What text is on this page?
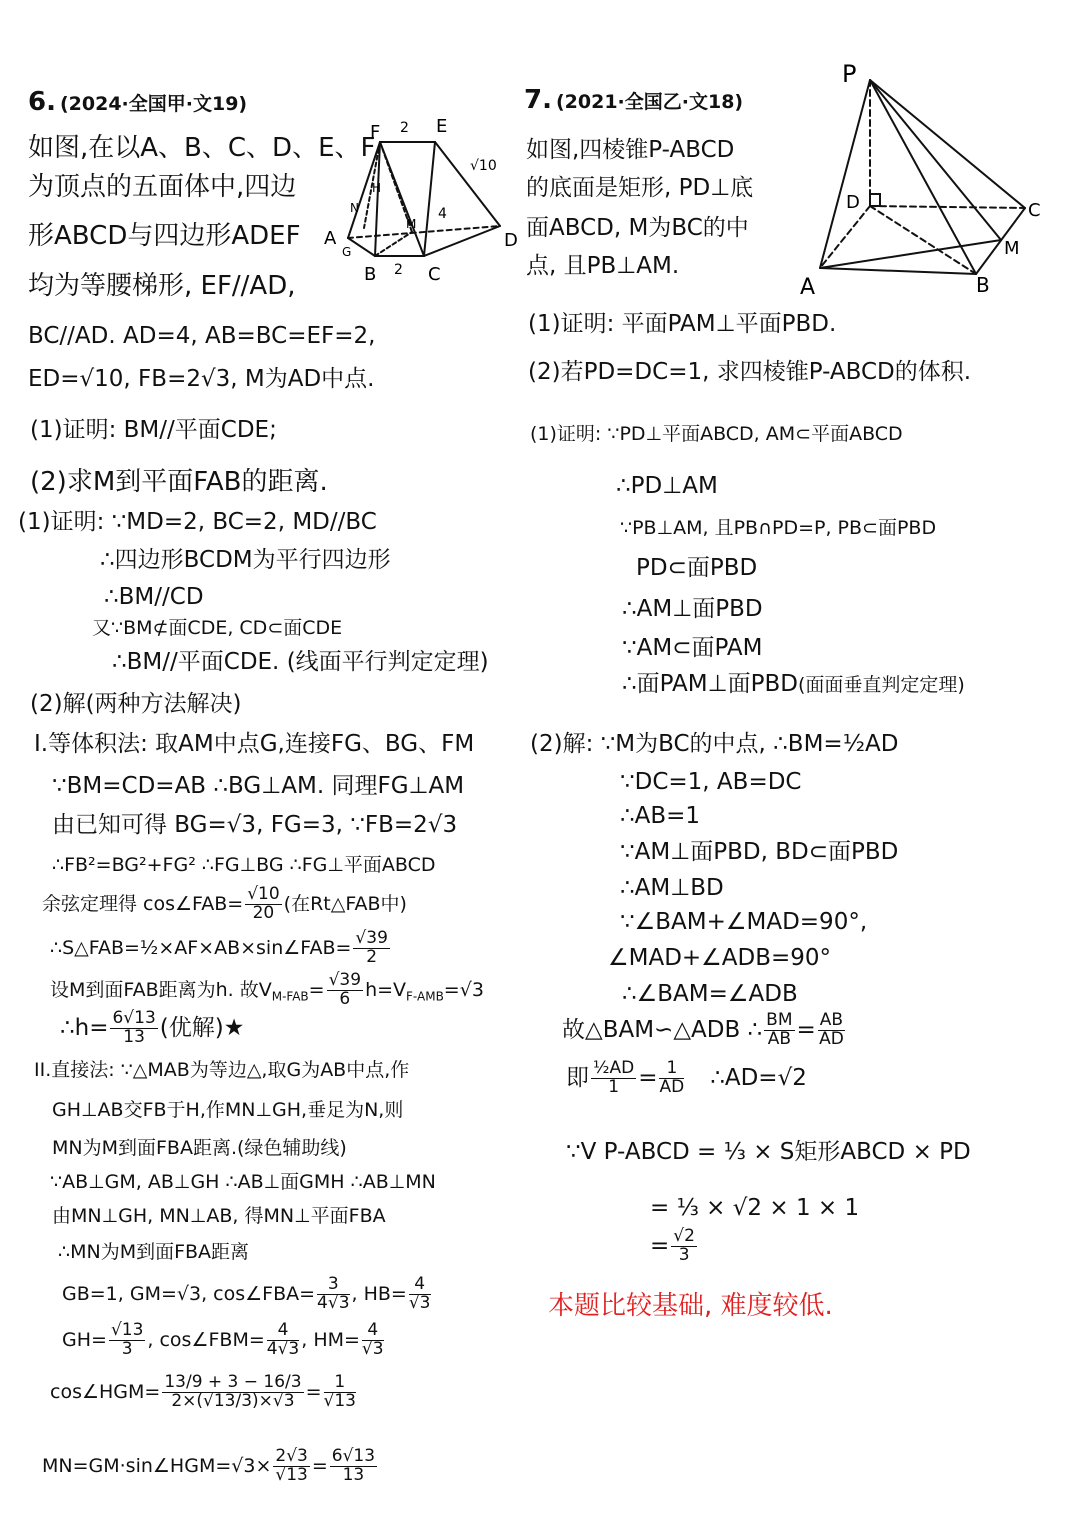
6. (2024·全国甲·文19)
如图,在以A、B、C、D、E、F
为顶点的五面体中,四边
形ABCD与四边形ADEF
均为等腰梯形, EF//AD,
BC//AD. AD=4, AB=BC=EF=2,
ED=√10, FB=2√3, M为AD中点.
(1)证明: BM//平面CDE;
(2)求M到平面FAB的距离.
F	E
A
B	C
D
M
G
N
H
2
2
√10
4
(1)证明: ∵MD=2, BC=2, MD//BC
∴四边形BCDM为平行四边形
∴BM//CD
又∵BM⊄面CDE, CD⊂面CDE
∴BM//平面CDE. (线面平行判定定理)
(2)解(两种方法解决)
I.等体积法: 取AM中点G,连接FG、BG、FM
∵BM=CD=AB ∴BG⊥AM. 同理FG⊥AM
由已知可得 BG=√3, FG=3, ∵FB=2√3
∴FB²=BG²+FG² ∴FG⊥BG ∴FG⊥平面ABCD
余弦定理得 cos∠FAB= $\frac{√10}{20}$ (在Rt△FAB中)
∴S△FAB=½×AF×AB×sin∠FAB= $\frac{√39}{2}$
设M到面FAB距离为h. 故$V_{M-FAB}= \frac{√39}{6} h=V_{F-AMB}=√3$
∴h= $\frac{6√13}{13}$ (优解)★
II.直接法: ∵△MAB为等边△,取G为AB中点,作
GH⊥AB交FB于H,作MN⊥GH,垂足为N,则
MN为M到面FBA距离.(绿色辅助线)
∵AB⊥GM, AB⊥GH ∴AB⊥面GMH ∴AB⊥MN
由MN⊥GH, MN⊥AB, 得MN⊥平面FBA
∴MN为M到面FBA距离
GB=1, GM=√3, cos∠FBA= $\frac{3}{4√3}$ , $HB= \frac{4}{√3}$
$GH= \frac{√13}{3}$ , cos∠FBM= $\frac{4}{4√3}$ , $HM= \frac{4}{√3}$
cos∠HGM= $\frac{13/9 + 3 - 16/3}{2\times(√13/3)\times√3} = \frac{1}{√13}$
MN=GM·sin∠HGM=√3× $\frac{2√3}{√13} = \frac{6√13}{13}$
7. (2021·全国乙·文18)
如图,四棱锥P-ABCD
的底面是矩形, PD⊥底
面ABCD, M为BC的中
点, 且PB⊥AM.
P
D	C
A	B
M
(1)证明: 平面PAM⊥平面PBD.
(2)若PD=DC=1, 求四棱锥P-ABCD的体积.
(1)证明: ∵PD⊥平面ABCD, AM⊂平面ABCD
∴PD⊥AM
∵PB⊥AM, 且PB∩PD=P, PB⊂面PBD
PD⊂面PBD
∴AM⊥面PBD
∵AM⊂面PAM
∴面PAM⊥面PBD(面面垂直判定定理)
(2)解: ∵M为BC的中点, ∴BM=½AD
∵DC=1, AB=DC
∴AB=1
∵AM⊥面PBD, BD⊂面PBD
∴AM⊥BD
∵∠BAM+∠MAD=90°,
∠MAD+∠ADB=90°
∴∠BAM=∠ADB
故△BAM∽△ADB ∴ $\frac{BM}{AB} = \frac{AB}{AD}$
即 $\frac{\text{½AD}}{1} = \frac{1}{AD}$ ∴AD=√2
∵V P-ABCD = ⅓ × S矩形ABCD × PD
= ⅓ × √2 × 1 × 1
= $\frac{√2}{3}$
本题比较基础, 难度较低.
